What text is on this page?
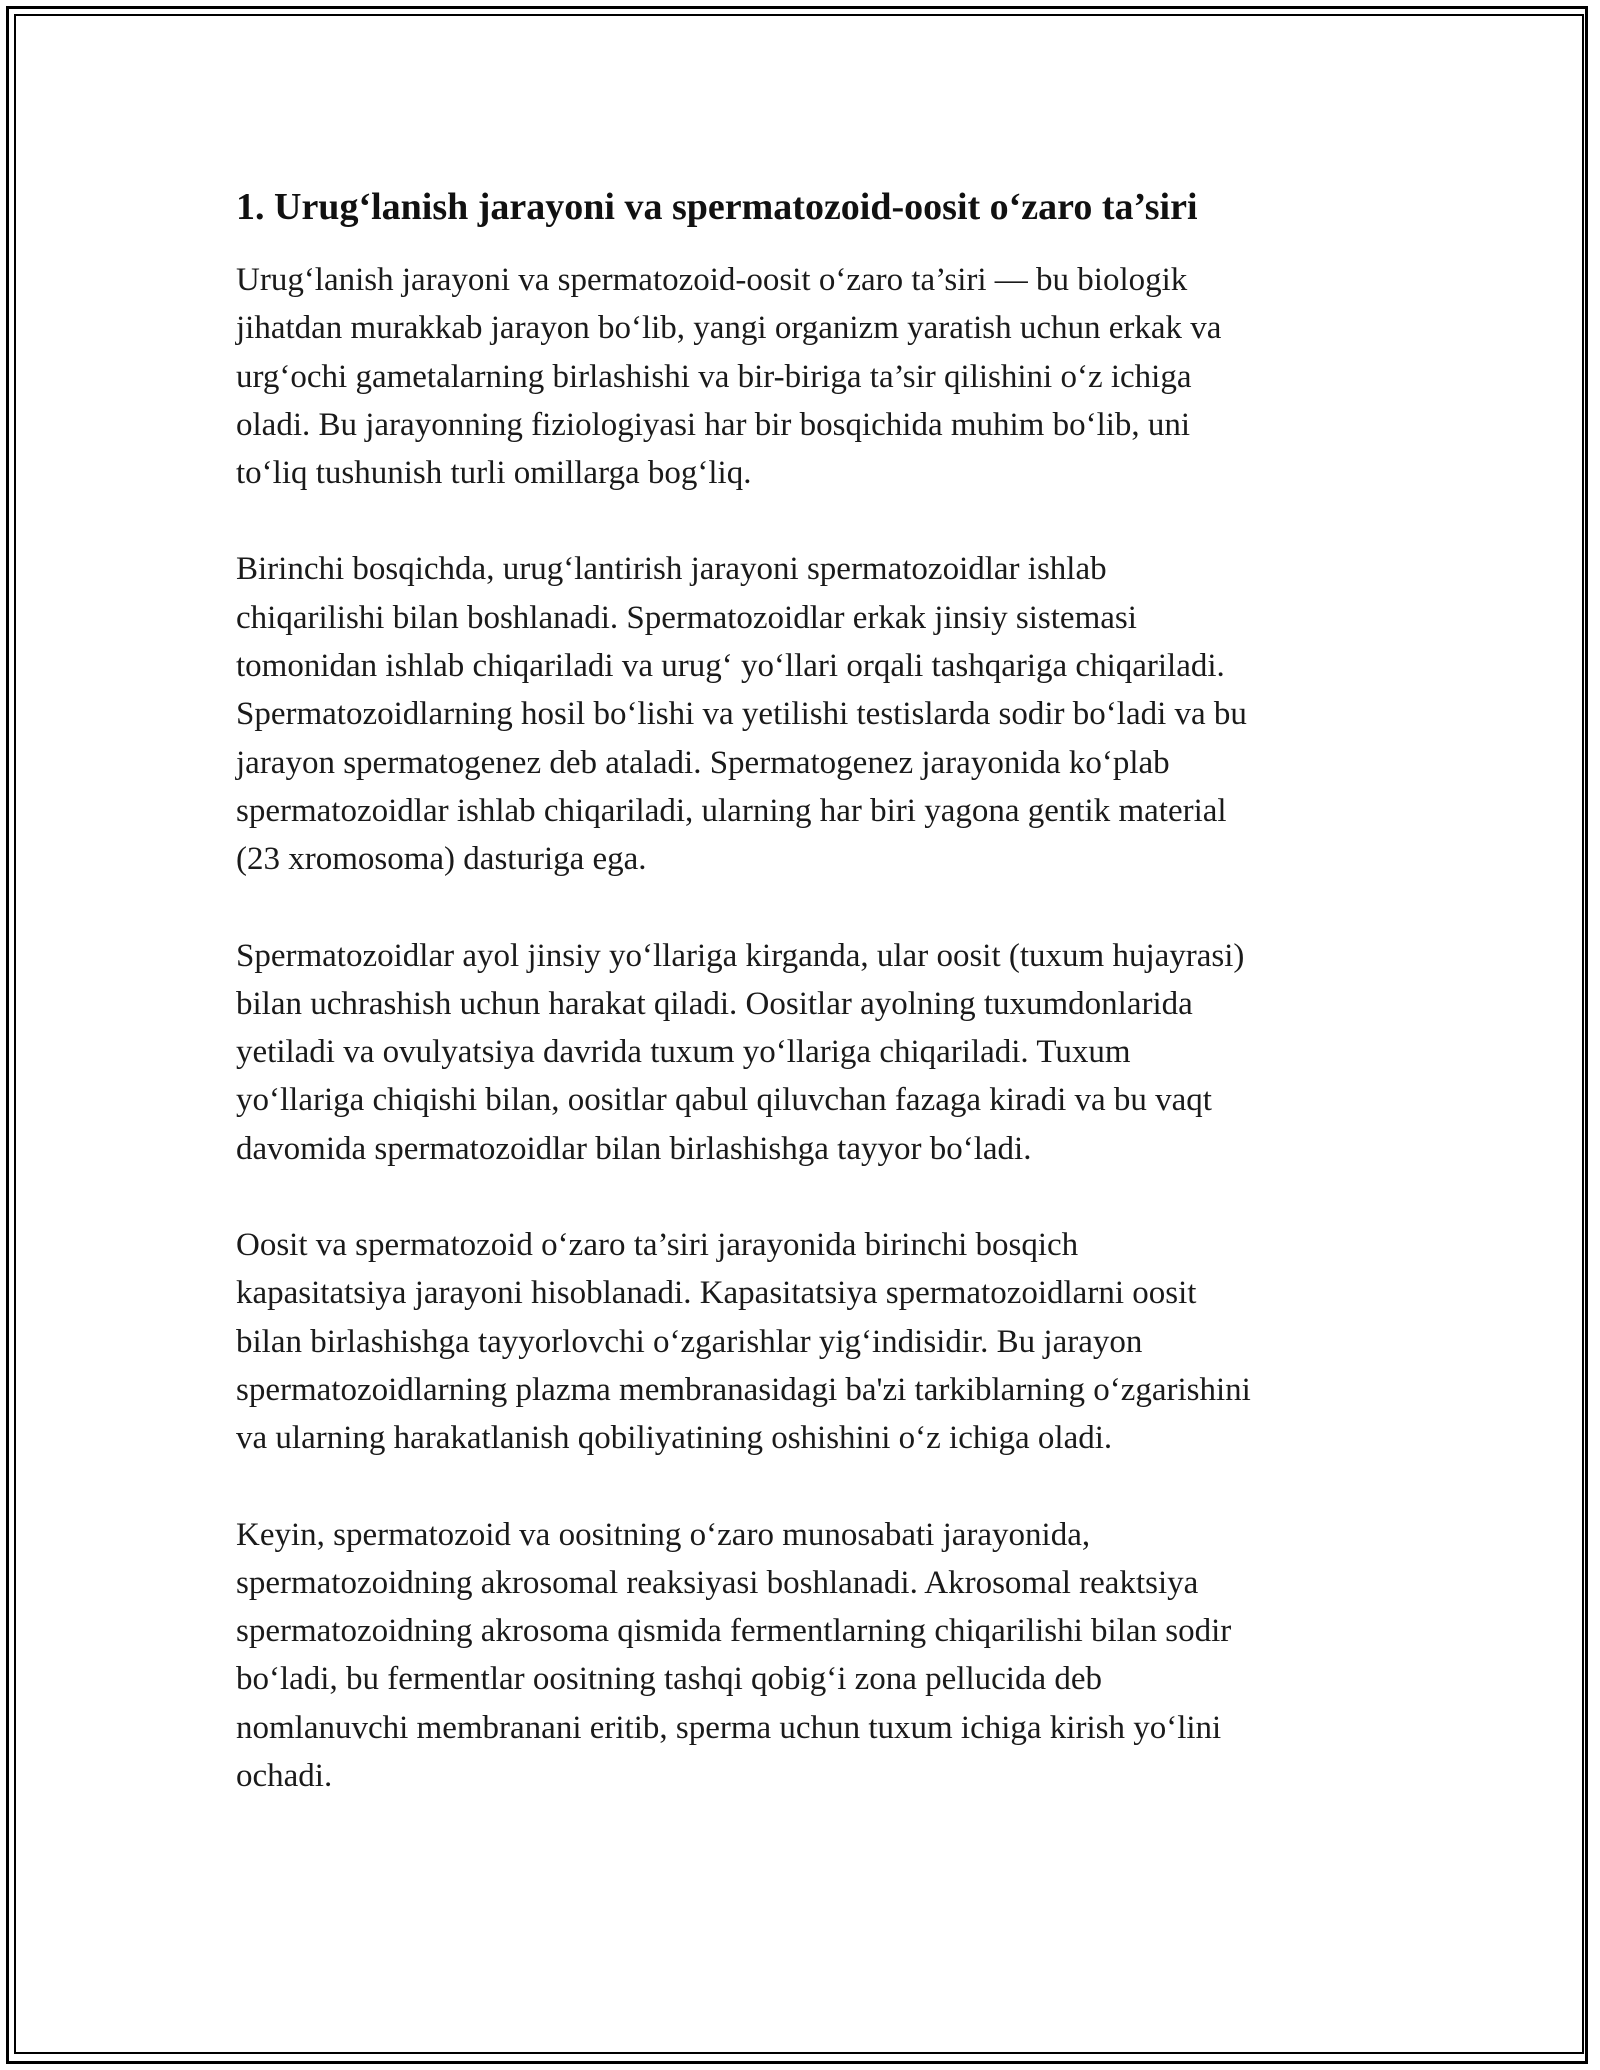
1. Urug‘lanish jarayoni va spermatozoid-oosit o‘zaro ta’siri

Urug‘lanish jarayoni va spermatozoid-oosit o‘zaro ta’siri — bu biologik
jihatdan murakkab jarayon bo‘lib, yangi organizm yaratish uchun erkak va
urg‘ochi gametalarning birlashishi va bir-biriga ta’sir qilishini o‘z ichiga
oladi. Bu jarayonning fiziologiyasi har bir bosqichida muhim bo‘lib, uni
to‘liq tushunish turli omillarga bog‘liq.

Birinchi bosqichda, urug‘lantirish jarayoni spermatozoidlar ishlab
chiqarilishi bilan boshlanadi. Spermatozoidlar erkak jinsiy sistemasi
tomonidan ishlab chiqariladi va urug‘ yo‘llari orqali tashqariga chiqariladi.
Spermatozoidlarning hosil bo‘lishi va yetilishi testislarda sodir bo‘ladi va bu
jarayon spermatogenez deb ataladi. Spermatogenez jarayonida ko‘plab
spermatozoidlar ishlab chiqariladi, ularning har biri yagona gentik material
(23 xromosoma) dasturiga ega.

Spermatozoidlar ayol jinsiy yo‘llariga kirganda, ular oosit (tuxum hujayrasi)
bilan uchrashish uchun harakat qiladi. Oositlar ayolning tuxumdonlarida
yetiladi va ovulyatsiya davrida tuxum yo‘llariga chiqariladi. Tuxum
yo‘llariga chiqishi bilan, oositlar qabul qiluvchan fazaga kiradi va bu vaqt
davomida spermatozoidlar bilan birlashishga tayyor bo‘ladi.

Oosit va spermatozoid o‘zaro ta’siri jarayonida birinchi bosqich
kapasitatsiya jarayoni hisoblanadi. Kapasitatsiya spermatozoidlarni oosit
bilan birlashishga tayyorlovchi o‘zgarishlar yig‘indisidir. Bu jarayon
spermatozoidlarning plazma membranasidagi ba'zi tarkiblarning o‘zgarishini
va ularning harakatlanish qobiliyatining oshishini o‘z ichiga oladi.

Keyin, spermatozoid va oositning o‘zaro munosabati jarayonida,
spermatozoidning akrosomal reaksiyasi boshlanadi. Akrosomal reaktsiya
spermatozoidning akrosoma qismida fermentlarning chiqarilishi bilan sodir
bo‘ladi, bu fermentlar oositning tashqi qobig‘i zona pellucida deb
nomlanuvchi membranani eritib, sperma uchun tuxum ichiga kirish yo‘lini
ochadi.
